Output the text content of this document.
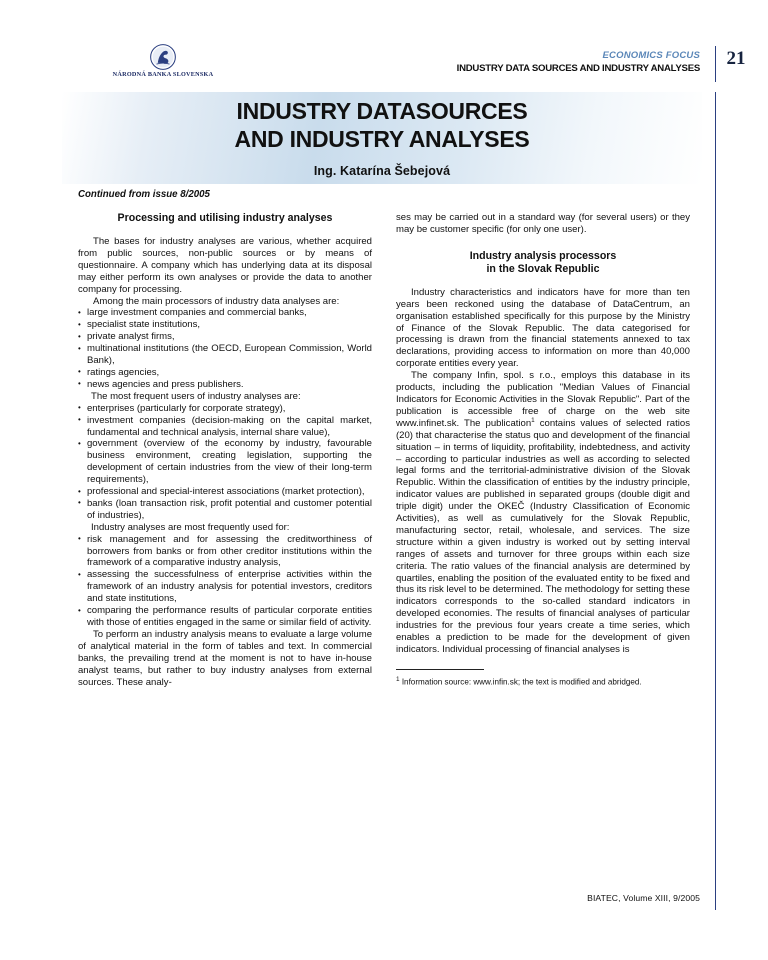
NÁRODNÁ BANKA SLOVENSKA
ECONOMICS FOCUS
INDUSTRY DATA SOURCES AND INDUSTRY ANALYSES 21
INDUSTRY DATASOURCES
AND INDUSTRY ANALYSES
Ing. Katarína Šebejová
Continued from issue 8/2005
Processing and utilising industry analyses

The bases for industry analyses are various, whether acquired from public sources, non-public sources or by means of questionnaire. A company which has underlying data at its disposal may either perform its own analyses or provide the data to another company for processing.

Among the main processors of industry data analyses are:

• large investment companies and commercial banks,
• specialist state institutions,
• private analyst firms,
• multinational institutions (the OECD, European Commission, World Bank),
• ratings agencies,
• news agencies and press publishers.

The most frequent users of industry analyses are:

• enterprises (particularly for corporate strategy),
• investment companies (decision-making on the capital market, fundamental and technical analysis, internal share value),
• government (overview of the economy by industry, favourable business environment, creating legislation, supporting the development of certain industries from the view of their long-term requirements),
• professional and special-interest associations (market protection),
• banks (loan transaction risk, profit potential and customer potential of industries),

Industry analyses are most frequently used for:

• risk management and for assessing the creditworthiness of borrowers from banks or from other creditor institutions within the framework of a comparative industry analysis,
• assessing the successfulness of enterprise activities within the framework of an industry analysis for potential investors, creditors and state institutions,
• comparing the performance results of particular corporate entities with those of entities engaged in the same or similar field of activity.

To perform an industry analysis means to evaluate a large volume of analytical material in the form of tables and text. In commercial banks, the prevailing trend at the moment is not to have in-house analyst teams, but rather to buy industry analyses from external sources. These analy-

ses may be carried out in a standard way (for several users) or they may be customer specific (for only one user).

Industry analysis processors
in the Slovak Republic

Industry characteristics and indicators have for more than ten years been reckoned using the database of DataCentrum, an organisation established specifically for this purpose by the Ministry of Finance of the Slovak Republic. The data categorised for processing is drawn from the financial statements annexed to tax declarations, providing access to information on more than 40,000 corporate entities every year.

The company Infin, spol. s r.o., employs this database in its products, including the publication "Median Values of Financial Indicators for Economic Activities in the Slovak Republic". Part of the publication is accessible free of charge on the web site www.infinet.sk. The publication$^1$ contains values of selected ratios (20) that characterise the status quo and development of the financial situation – in terms of liquidity, profitability, indebtedness, and activity – according to particular industries as well as according to selected legal forms and the territorial-administrative division of the Slovak Republic. Within the classification of entities by the industry principle, indicator values are published in separated groups (double digit and triple digit) under the OKEČ (Industry Classification of Economic Activities), as well as cumulatively for the Slovak Republic, manufacturing sector, retail, wholesale, and services. The size structure within a given industry is worked out by setting interval ranges of assets and turnover for three groups within each size criteria. The ratio values of the financial analysis are determined by quartiles, enabling the position of the evaluated entity to be fixed and thus its risk level to be determined. The methodology for setting these indicators corresponds to the so-called standard indicators in developed economies. The results of financial analyses of particular industries for the previous four years create a time series, which enables a prediction to be made for the development of given indicators. Individual processing of financial analyses is

$^1$ Information source: www.infin.sk; the text is modified and abridged.
BIATEC, Volume XIII, 9/2005
